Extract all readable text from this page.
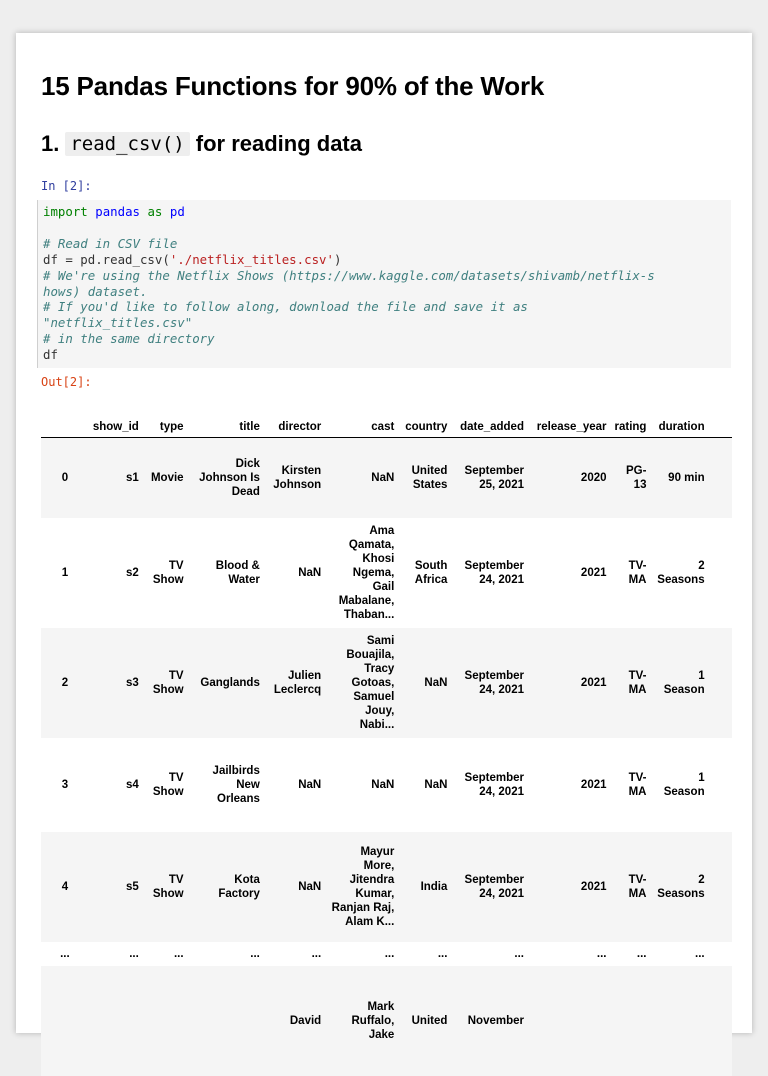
15 Pandas Functions for 90% of the Work
1. read_csv() for reading data
In [2]:
import pandas as pd

# Read in CSV file
df = pd.read_csv('./netflix_titles.csv')
# We're using the Netflix Shows (https://www.kaggle.com/datasets/shivamb/netflix-s
hows) dataset.
# If you'd like to follow along, download the file and save it as
"netflix_titles.csv"
# in the same directory
df
Out[2]:
	show_id	type	title	director	cast	country	date_added	release_year	rating	duration	
0	s1	Movie	Dick Johnson Is Dead	Kirsten Johnson	NaN	United States	September 25, 2021	2020	PG-13	90 min	
1	s2	TV Show	Blood & Water	NaN	Ama Qamata, Khosi Ngema, Gail Mabalane, Thaban...	South Africa	September 24, 2021	2021	TV-MA	2 Seasons	
2	s3	TV Show	Ganglands	Julien Leclercq	Sami Bouajila, Tracy Gotoas, Samuel Jouy, Nabi...	NaN	September 24, 2021	2021	TV-MA	1 Season	
3	s4	TV Show	Jailbirds New Orleans	NaN	NaN	NaN	September 24, 2021	2021	TV-MA	1 Season	
4	s5	TV Show	Kota Factory	NaN	Mayur More, Jitendra Kumar, Ranjan Raj, Alam K...	India	September 24, 2021	2021	TV-MA	2 Seasons	
...	...	...	...	...	...	...	...	...	...	...	
				David	Mark Ruffalo, Jake	United	November				
